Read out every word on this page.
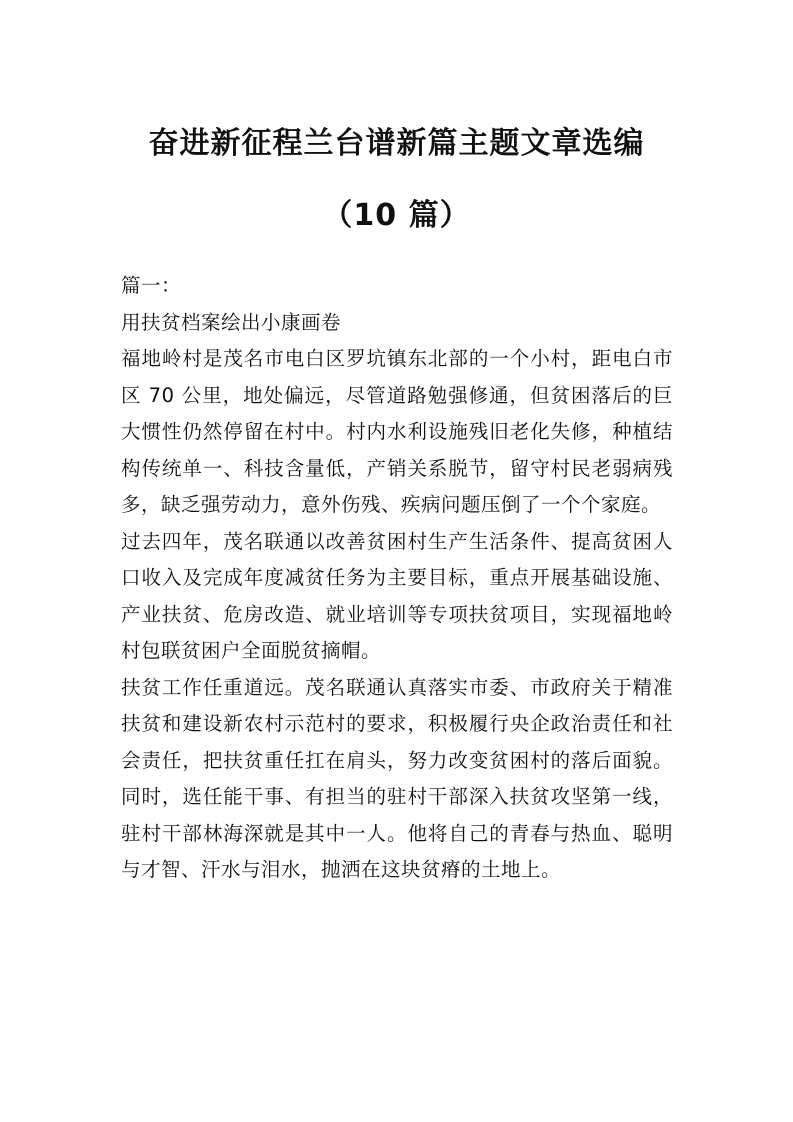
奋进新征程兰台谱新篇主题文章选编
（10 篇）

篇一：

用扶贫档案绘出小康画卷

福地岭村是茂名市电白区罗坑镇东北部的一个小村，距电白市区 70 公里，地处偏远，尽管道路勉强修通，但贫困落后的巨大惯性仍然停留在村中。村内水利设施残旧老化失修，种植结构传统单一、科技含量低，产销关系脱节，留守村民老弱病残多，缺乏强劳动力，意外伤残、疾病问题压倒了一个个家庭。

过去四年，茂名联通以改善贫困村生产生活条件、提高贫困人口收入及完成年度减贫任务为主要目标，重点开展基础设施、产业扶贫、危房改造、就业培训等专项扶贫项目，实现福地岭村包联贫困户全面脱贫摘帽。

扶贫工作任重道远。茂名联通认真落实市委、市政府关于精准扶贫和建设新农村示范村的要求，积极履行央企政治责任和社会责任，把扶贫重任扛在肩头，努力改变贫困村的落后面貌。同时，选任能干事、有担当的驻村干部深入扶贫攻坚第一线，驻村干部林海深就是其中一人。他将自己的青春与热血、聪明与才智、汗水与泪水，抛洒在这块贫瘠的土地上。
